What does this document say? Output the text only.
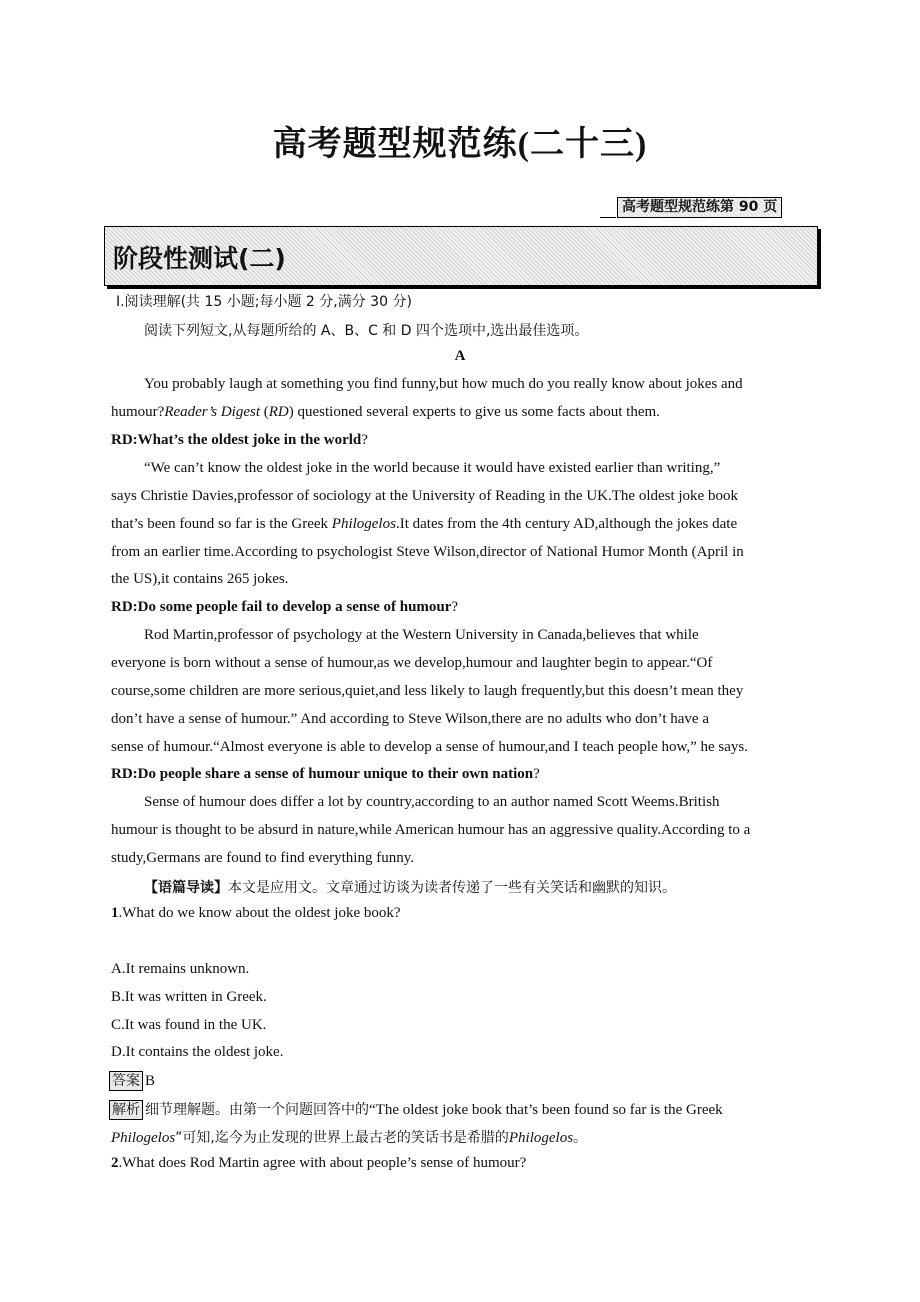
高考题型规范练(二十三)
高考题型规范练第 90 页
阶段性测试(二)
Ⅰ.阅读理解(共 15 小题;每小题 2 分,满分 30 分)
阅读下列短文,从每题所给的 A、B、C 和 D 四个选项中,选出最佳选项。
A
You probably laugh at something you find funny,but how much do you really know about jokes and
humour?Reader’s Digest (RD) questioned several experts to give us some facts about them.
RD:What’s the oldest joke in the world?
“We can’t know the oldest joke in the world because it would have existed earlier than writing,”
says Christie Davies,professor of sociology at the University of Reading in the UK.The oldest joke book
that’s been found so far is the Greek Philogelos.It dates from the 4th century AD,although the jokes date
from an earlier time.According to psychologist Steve Wilson,director of National Humor Month (April in
the US),it contains 265 jokes.
RD:Do some people fail to develop a sense of humour?
Rod Martin,professor of psychology at the Western University in Canada,believes that while
everyone is born without a sense of humour,as we develop,humour and laughter begin to appear.“Of
course,some children are more serious,quiet,and less likely to laugh frequently,but this doesn’t mean they
don’t have a sense of humour.” And according to Steve Wilson,there are no adults who don’t have a
sense of humour.“Almost everyone is able to develop a sense of humour,and I teach people how,” he says.
RD:Do people share a sense of humour unique to their own nation?
Sense of humour does differ a lot by country,according to an author named Scott Weems.British
humour is thought to be absurd in nature,while American humour has an aggressive quality.According to a
study,Germans are found to find everything funny.
【语篇导读】本文是应用文。文章通过访谈为读者传递了一些有关笑话和幽默的知识。
1.What do we know about the oldest joke book?
A.It remains unknown.
B.It was written in Greek.
C.It was found in the UK.
D.It contains the oldest joke.
答案 B
解析 细节理解题。由第一个问题回答中的“The oldest joke book that’s been found so far is the Greek
Philogelos”可知,迄今为止发现的世界上最古老的笑话书是希腊的Philogelos。
2.What does Rod Martin agree with about people’s sense of humour?
